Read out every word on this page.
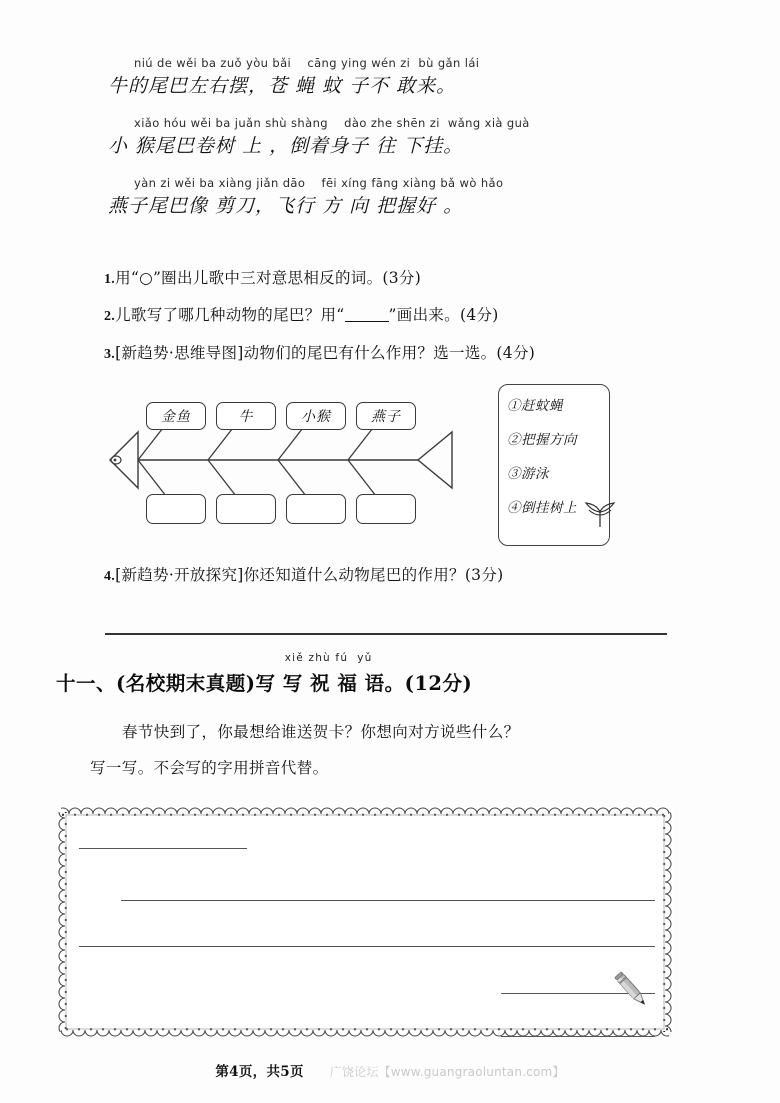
niú de wěi ba zuǒ yòu bǎi    cāng ying wén zi  bù gǎn lái
牛的尾巴左右摆，苍 蝇 蚊 子不 敢来。
xiǎo hóu wěi ba juǎn shù shàng    dào zhe shēn zi  wǎng xià guà
小 猴尾巴卷树 上 ，倒着身子 往 下挂。
yàn zi wěi ba xiàng jiǎn dāo    fēi xíng fāng xiàng bǎ wò hǎo
燕子尾巴像 剪刀，飞行 方 向 把握好 。
1.用“○”圈出儿歌中三对意思相反的词。(3分)
2.儿歌写了哪几种动物的尾巴？用“	”画出来。(4分)
3.[新趋势·思维导图]动物们的尾巴有什么作用？选一选。(4分)
4.[新趋势·开放探究]你还知道什么动物尾巴的作用？(3分)
金鱼	牛	小猴	燕子
①赶蚊蝇
②把握方向
③游泳
④倒挂树上
十一、(名校期末真题)写
xiě zhù fú  yǔ
写 祝 福 语。(12分)
春节快到了，你最想给谁送贺卡？你想向对方说些什么？
写一写。不会写的字用拼音代替。
第4页，共5页 广饶论坛【www.guangraoluntan.com】
